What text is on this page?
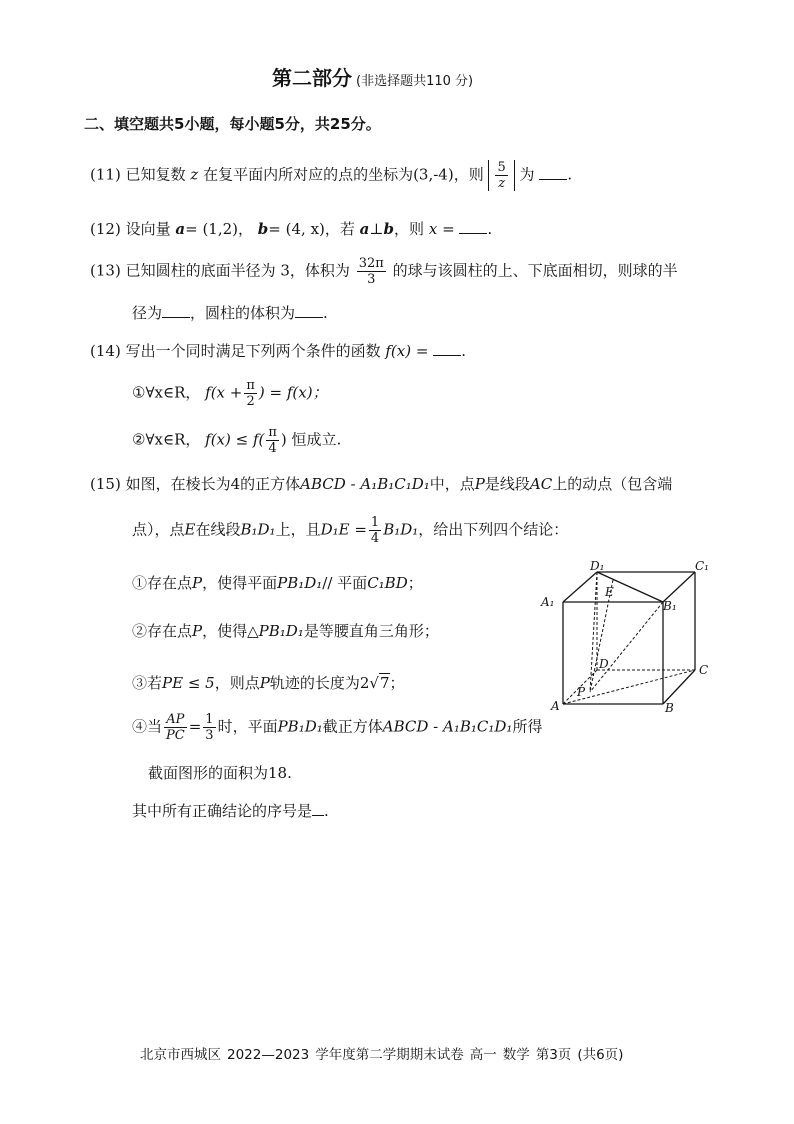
第二部分 (非选择题共110 分)
二、填空题共5小题，每小题5分，共25分。
(11) 已知复数 z 在复平面内所对应的点的坐标为(3,-4)，则 $\frac{5}{z}$ 为 .
(12) 设向量 a= (1,2)， b= (4, x)，若 a⊥b，则 x = .
(13) 已知圆柱的底面半径为 3，体积为 $\frac{32\pi}{3}$ 的球与该圆柱的上、下底面相切，则球的半
径为 ，圆柱的体积为 .
(14) 写出一个同时满足下列两个条件的函数 f(x) = .
①∀x∈R， $f(x + \frac{\pi}{2}$ ) = f(x)；
②∀x∈R， $f(x) \le f( \frac{\pi}{4}$ ) 恒成立.
(15) 如图，在棱长为4的正方体ABCD - A₁B₁C₁D₁中，点P是线段AC上的动点（包含端
点），点E在线段B₁D₁上，且$D_1E = \frac{1}{4} B_1D_1$，给出下列四个结论：
①存在点P，使得平面PB₁D₁// 平面C₁BD；
②存在点P，使得△PB₁D₁是等腰直角三角形；
③若PE ≤ 5，则点P轨迹的长度为2√7；
④当 $\frac{AP}{PC} = \frac{1}{3}$ 时，平面PB₁D₁截正方体ABCD - A₁B₁C₁D₁所得
截面图形的面积为18.
其中所有正确结论的序号是 .
D₁	C₁
A₁	B₁
E
D	C
P
A	B
北京市西城区 2022—2023 学年度第二学期期末试卷 高一 数学 第3页 (共6页)
